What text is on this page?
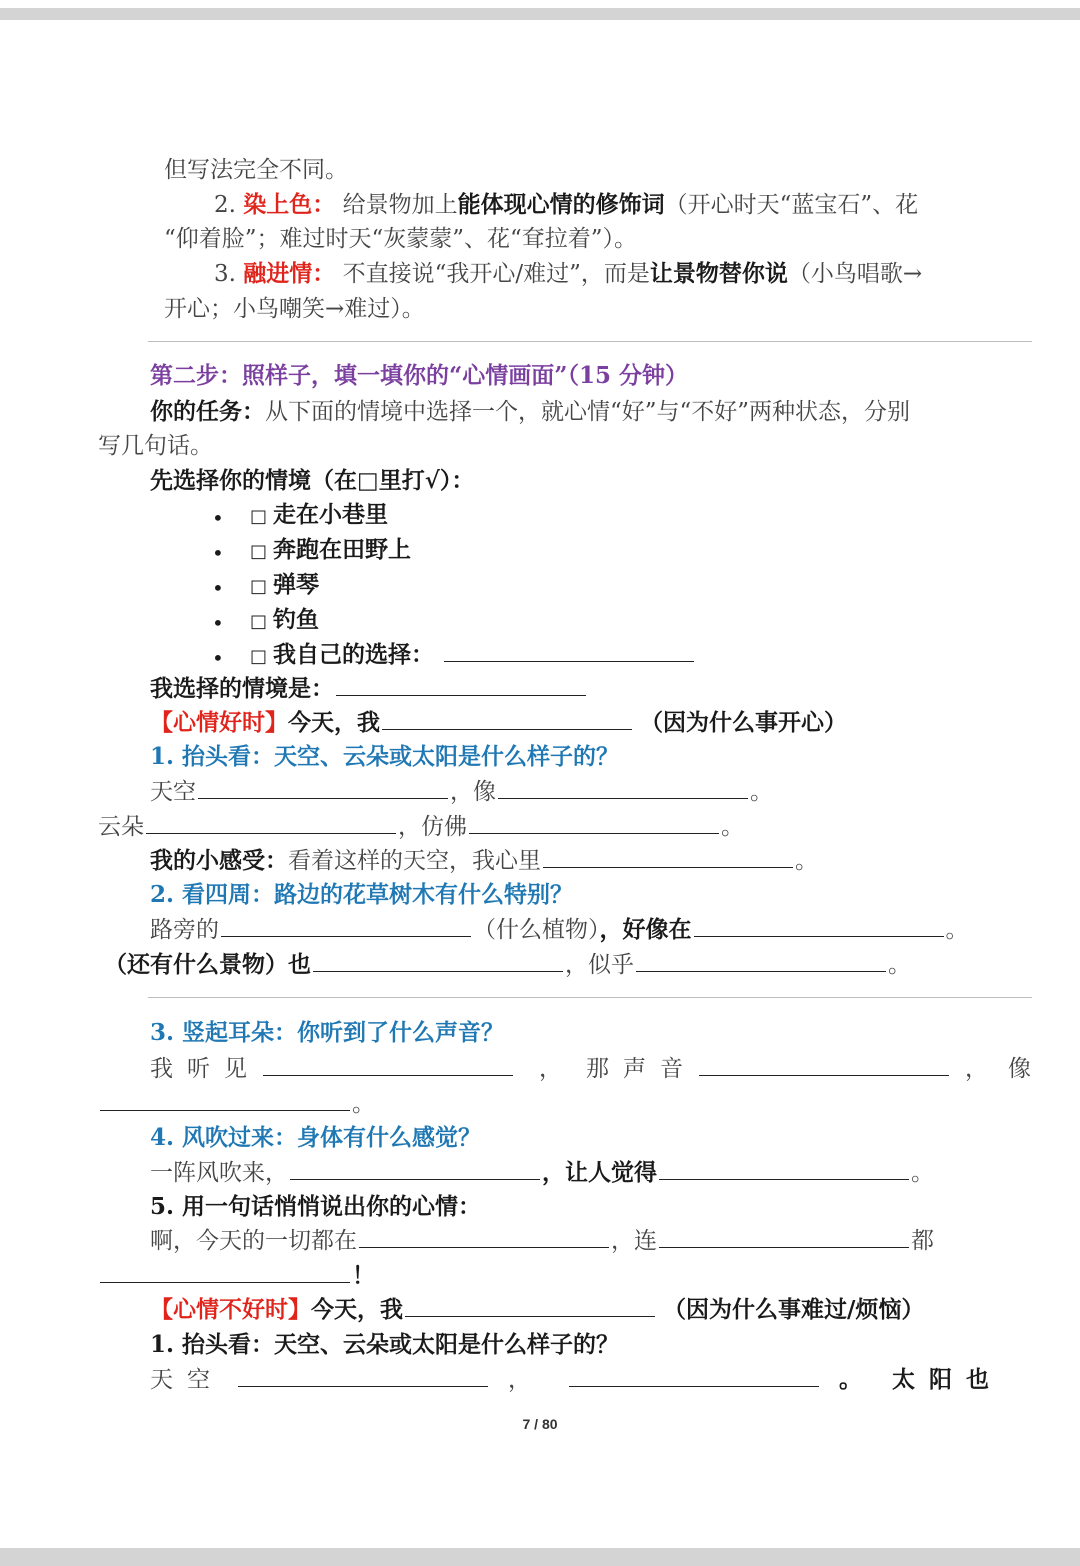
但写法完全不同。
2. 染上色： 给景物加上能体现心情的修饰词（开心时天“蓝宝石”、花
“仰着脸”；难过时天“灰蒙蒙”、花“耷拉着”）。
3. 融进情： 不直接说“我开心/难过”，而是让景物替你说（小鸟唱歌→
开心；小鸟嘲笑→难过）。
第二步：照样子，填一填你的“心情画面”（15 分钟）
你的任务：从下面的情境中选择一个，就心情“好”与“不好”两种状态，分别
写几句话。
先选择你的情境（在□里打√）：
• □ 走在小巷里
• □ 奔跑在田野上
• □ 弹琴
• □ 钓鱼
• □ 我自己的选择：
我选择的情境是：
【心情好时】今天，我	（因为什么事开心）
1. 抬头看：天空、云朵或太阳是什么样子的？
天空	，像	。
云朵	，仿佛	。
我的小感受：看着这样的天空，我心里	。
2. 看四周：路边的花草树木有什么特别？
路旁的	（什么植物），好像在	。
（还有什么景物）也	，似乎	。
3. 竖起耳朵：你听到了什么声音？
我听见	， 那声音	， 像
。
4. 风吹过来：身体有什么感觉？
一阵风吹来，	，让人觉得	。
5. 用一句话悄悄说出你的心情：
啊，今天的一切都在	，连	都
！
【心情不好时】今天，我	（因为什么事难过/烦恼）
1. 抬头看：天空、云朵或太阳是什么样子的？
天空	，	。 太阳也
7 / 80
